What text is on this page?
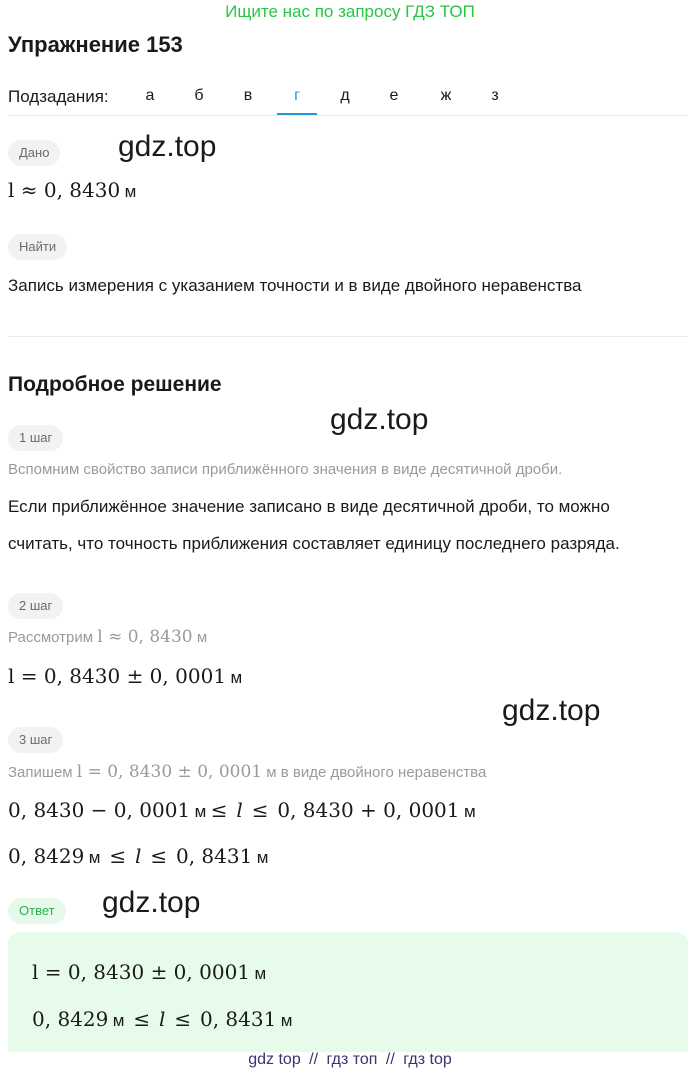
Ищите нас по запросу ГДЗ ТОП
Упражнение 153
Подзадания:	а	б	в	г	д	е	ж	з
Дано	gdz.top
l ≈ 0, 8430 м
Найти
Запись измерения с указанием точности и в виде двойного неравенства
Подробное решение
gdz.top
1 шаг
Вспомним свойство записи приближённого значения в виде десятичной дроби.
Если приближённое значение записано в виде десятичной дроби, то можно
считать, что точность приближения составляет единицу последнего разряда.
2 шаг
Рассмотрим l ≈ 0, 8430 м
l = 0, 8430 ± 0, 0001 м
gdz.top
3 шаг
Запишем l = 0, 8430 ± 0, 0001 м в виде двойного неравенства
0, 8430 − 0, 0001 м ≤ l ≤ 0, 8430 + 0, 0001 м
0, 8429 м ≤ l ≤ 0, 8431 м
Ответ	gdz.top
l = 0, 8430 ± 0, 0001 м
0, 8429 м ≤ l ≤ 0, 8431 м
gdz top // гдз топ // гдз top
